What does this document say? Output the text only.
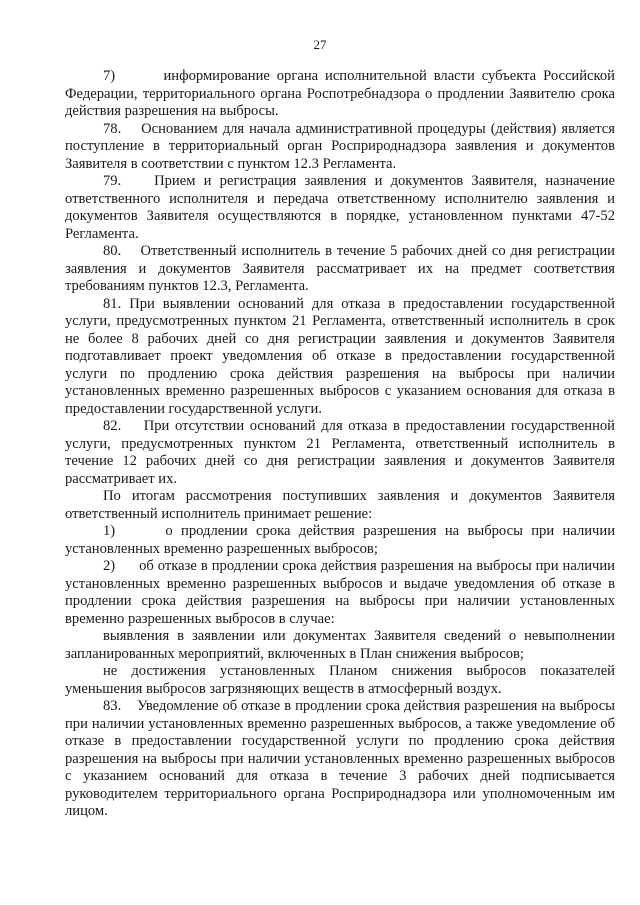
27

7)       информирование органа исполнительной власти субъекта Российской Федерации, территориального органа Роспотребнадзора о продлении Заявителю срока действия разрешения на выбросы.

78.    Основанием для начала административной процедуры (действия) является поступление в территориальный орган Росприроднадзора заявления и документов Заявителя в соответствии с пунктом 12.3 Регламента.

79.    Прием и регистрация заявления и документов Заявителя, назначение ответственного исполнителя и передача ответственному исполнителю заявления и документов Заявителя осуществляются в порядке, установленном пунктами 47-52 Регламента.

80.    Ответственный исполнитель в течение 5 рабочих дней со дня регистрации заявления и документов Заявителя рассматривает их на предмет соответствия требованиям пунктов 12.3, Регламента.

81. При выявлении оснований для отказа в предоставлении государственной услуги, предусмотренных пунктом 21 Регламента, ответственный исполнитель в срок не более 8 рабочих дней со дня регистрации заявления и документов Заявителя подготавливает проект уведомления об отказе в предоставлении государственной услуги по продлению срока действия разрешения на выбросы при наличии установленных временно разрешенных выбросов с указанием основания для отказа в предоставлении государственной услуги.

82.    При отсутствии оснований для отказа в предоставлении государственной услуги, предусмотренных пунктом 21 Регламента, ответственный исполнитель в течение 12 рабочих дней со дня регистрации заявления и документов Заявителя рассматривает их.

По итогам рассмотрения поступивших заявления и документов Заявителя ответственный исполнитель принимает решение:

1)      о продлении срока действия разрешения на выбросы при наличии установленных временно разрешенных выбросов;

2)      об отказе в продлении срока действия разрешения на выбросы при наличии установленных временно разрешенных выбросов и выдаче уведомления об отказе в продлении срока действия разрешения на выбросы при наличии установленных временно разрешенных выбросов в случае:

выявления в заявлении или документах Заявителя сведений о невыполнении запланированных мероприятий, включенных в План снижения выбросов;

не достижения установленных Планом снижения выбросов показателей уменьшения выбросов загрязняющих веществ в атмосферный воздух.

83.    Уведомление об отказе в продлении срока действия разрешения на выбросы при наличии установленных временно разрешенных выбросов, а также уведомление об отказе в предоставлении государственной услуги по продлению срока действия разрешения на выбросы при наличии установленных временно разрешенных выбросов с указанием оснований для отказа в течение 3 рабочих дней подписывается руководителем территориального органа Росприроднадзора или уполномоченным им лицом.
